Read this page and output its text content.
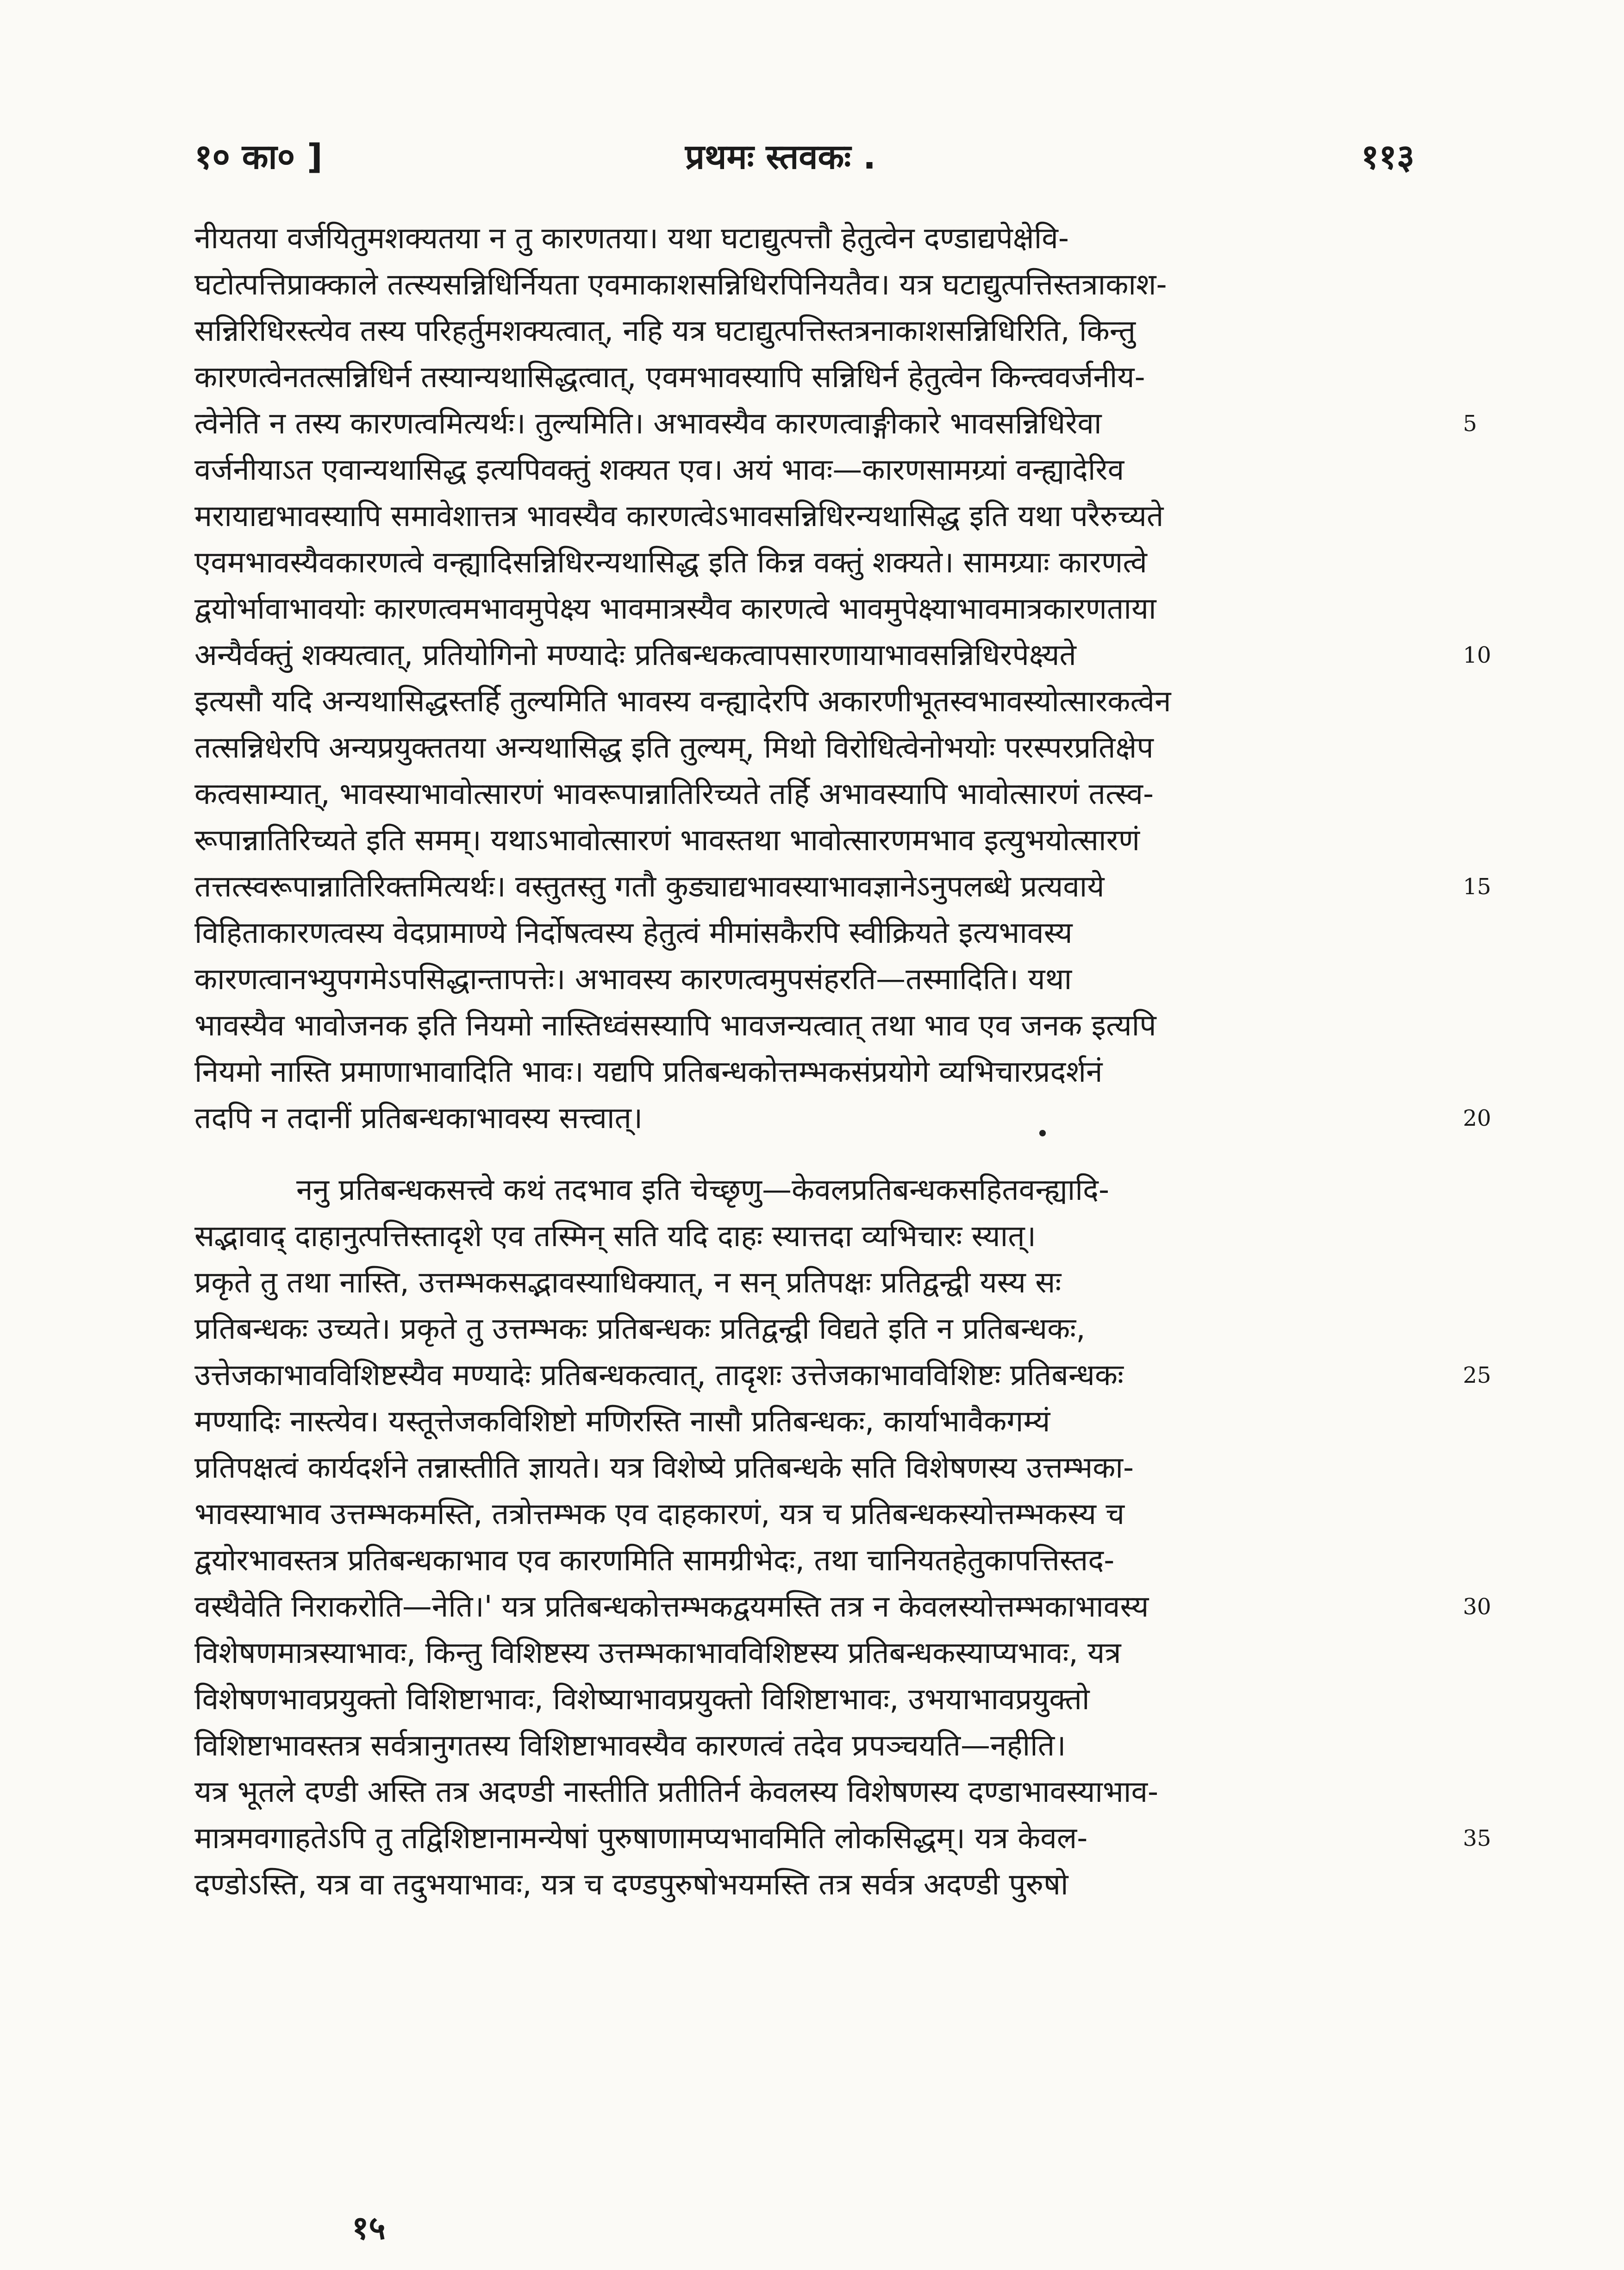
१० का० ]	प्रथमः स्तवकः .	११३
नीयतया वर्जयितुमशक्यतया न तु कारणतया। यथा घटाद्युत्पत्तौ हेतुत्वेन दण्डाद्यपेक्षेवि-
घटोत्पत्तिप्राक्काले तत्स्यसन्निधिर्नियता एवमाकाशसन्निधिरपिनियतैव। यत्र घटाद्युत्पत्तिस्तत्राकाश-
सन्निरिधिरस्त्येव तस्य परिहर्तुमशक्यत्वात्, नहि यत्र घटाद्युत्पत्तिस्तत्रनाकाशसन्निधिरिति, किन्तु
कारणत्वेनतत्सन्निधिर्न तस्यान्यथासिद्धत्वात्, एवमभावस्यापि सन्निधिर्न हेतुत्वेन किन्त्ववर्जनीय-
त्वेनेति न तस्य कारणत्वमित्यर्थः। तुल्यमिति। अभावस्यैव कारणत्वाङ्गीकारे भावसन्निधिरेवा
वर्जनीयाऽत एवान्यथासिद्ध इत्यपिवक्तुं शक्यत एव। अयं भावः—कारणसामग्र्यां वन्ह्यादेरिव
मरायाद्यभावस्यापि समावेशात्तत्र भावस्यैव कारणत्वेऽभावसन्निधिरन्यथासिद्ध इति यथा परैरुच्यते
एवमभावस्यैवकारणत्वे वन्ह्यादिसन्निधिरन्यथासिद्ध इति किन्न वक्तुं शक्यते। सामग्र्याः कारणत्वे
द्वयोर्भावाभावयोः कारणत्वमभावमुपेक्ष्य भावमात्रस्यैव कारणत्वे भावमुपेक्ष्याभावमात्रकारणताया
अन्यैर्वक्तुं शक्यत्वात्, प्रतियोगिनो मण्यादेः प्रतिबन्धकत्वापसारणायाभावसन्निधिरपेक्ष्यते
इत्यसौ यदि अन्यथासिद्धस्तर्हि तुल्यमिति भावस्य वन्ह्यादेरपि अकारणीभूतस्वभावस्योत्सारकत्वेन
तत्सन्निधेरपि अन्यप्रयुक्ततया अन्यथासिद्ध इति तुल्यम्, मिथो विरोधित्वेनोभयोः परस्परप्रतिक्षेप
कत्वसाम्यात्, भावस्याभावोत्सारणं भावरूपान्नातिरिच्यते तर्हि अभावस्यापि भावोत्सारणं तत्स्व-
रूपान्नातिरिच्यते इति समम्। यथाऽभावोत्सारणं भावस्तथा भावोत्सारणमभाव इत्युभयोत्सारणं
तत्तत्स्वरूपान्नातिरिक्तमित्यर्थः। वस्तुतस्तु गतौ कुड्याद्यभावस्याभावज्ञानेऽनुपलब्धे प्रत्यवाये
विहिताकारणत्वस्य वेदप्रामाण्ये निर्दोषत्वस्य हेतुत्वं मीमांसकैरपि स्वीक्रियते इत्यभावस्य
कारणत्वानभ्युपगमेऽपसिद्धान्तापत्तेः। अभावस्य कारणत्वमुपसंहरति—तस्मादिति। यथा
भावस्यैव भावोजनक इति नियमो नास्तिध्वंसस्यापि भावजन्यत्वात् तथा भाव एव जनक इत्यपि
नियमो नास्ति प्रमाणाभावादिति भावः। यद्यपि प्रतिबन्धकोत्तम्भकसंप्रयोगे व्यभिचारप्रदर्शनं
तदपि न तदानीं प्रतिबन्धकाभावस्य सत्त्वात्।
ननु प्रतिबन्धकसत्त्वे कथं तदभाव इति चेच्छृणु—केवलप्रतिबन्धकसहितवन्ह्यादि-
सद्भावाद् दाहानुत्पत्तिस्तादृशे एव तस्मिन् सति यदि दाहः स्यात्तदा व्यभिचारः स्यात्।
प्रकृते तु तथा नास्ति, उत्तम्भकसद्भावस्याधिक्यात्, न सन् प्रतिपक्षः प्रतिद्वन्द्वी यस्य सः
प्रतिबन्धकः उच्यते। प्रकृते तु उत्तम्भकः प्रतिबन्धकः प्रतिद्वन्द्वी विद्यते इति न प्रतिबन्धकः,
उत्तेजकाभावविशिष्टस्यैव मण्यादेः प्रतिबन्धकत्वात्, तादृशः उत्तेजकाभावविशिष्टः प्रतिबन्धकः
मण्यादिः नास्त्येव। यस्तूत्तेजकविशिष्टो मणिरस्ति नासौ प्रतिबन्धकः, कार्याभावैकगम्यं
प्रतिपक्षत्वं कार्यदर्शने तन्नास्तीति ज्ञायते। यत्र विशेष्ये प्रतिबन्धके सति विशेषणस्य उत्तम्भका-
भावस्याभाव उत्तम्भकमस्ति, तत्रोत्तम्भक एव दाहकारणं, यत्र च प्रतिबन्धकस्योत्तम्भकस्य च
द्वयोरभावस्तत्र प्रतिबन्धकाभाव एव कारणमिति सामग्रीभेदः, तथा चानियतहेतुकापत्तिस्तद-
वस्थैवेति निराकरोति—नेति।' यत्र प्रतिबन्धकोत्तम्भकद्वयमस्ति तत्र न केवलस्योत्तम्भकाभावस्य
विशेषणमात्रस्याभावः, किन्तु विशिष्टस्य उत्तम्भकाभावविशिष्टस्य प्रतिबन्धकस्याप्यभावः, यत्र
विशेषणभावप्रयुक्तो विशिष्टाभावः, विशेष्याभावप्रयुक्तो विशिष्टाभावः, उभयाभावप्रयुक्तो
विशिष्टाभावस्तत्र सर्वत्रानुगतस्य विशिष्टाभावस्यैव कारणत्वं तदेव प्रपञ्चयति—नहीति।
यत्र भूतले दण्डी अस्ति तत्र अदण्डी नास्तीति प्रतीतिर्न केवलस्य विशेषणस्य दण्डाभावस्याभाव-
मात्रमवगाहतेऽपि तु तद्विशिष्टानामन्येषां पुरुषाणामप्यभावमिति लोकसिद्धम्। यत्र केवल-
दण्डोऽस्ति, यत्र वा तदुभयाभावः, यत्र च दण्डपुरुषोभयमस्ति तत्र सर्वत्र अदण्डी पुरुषो
5
10
15
20
25
30
35
१५
